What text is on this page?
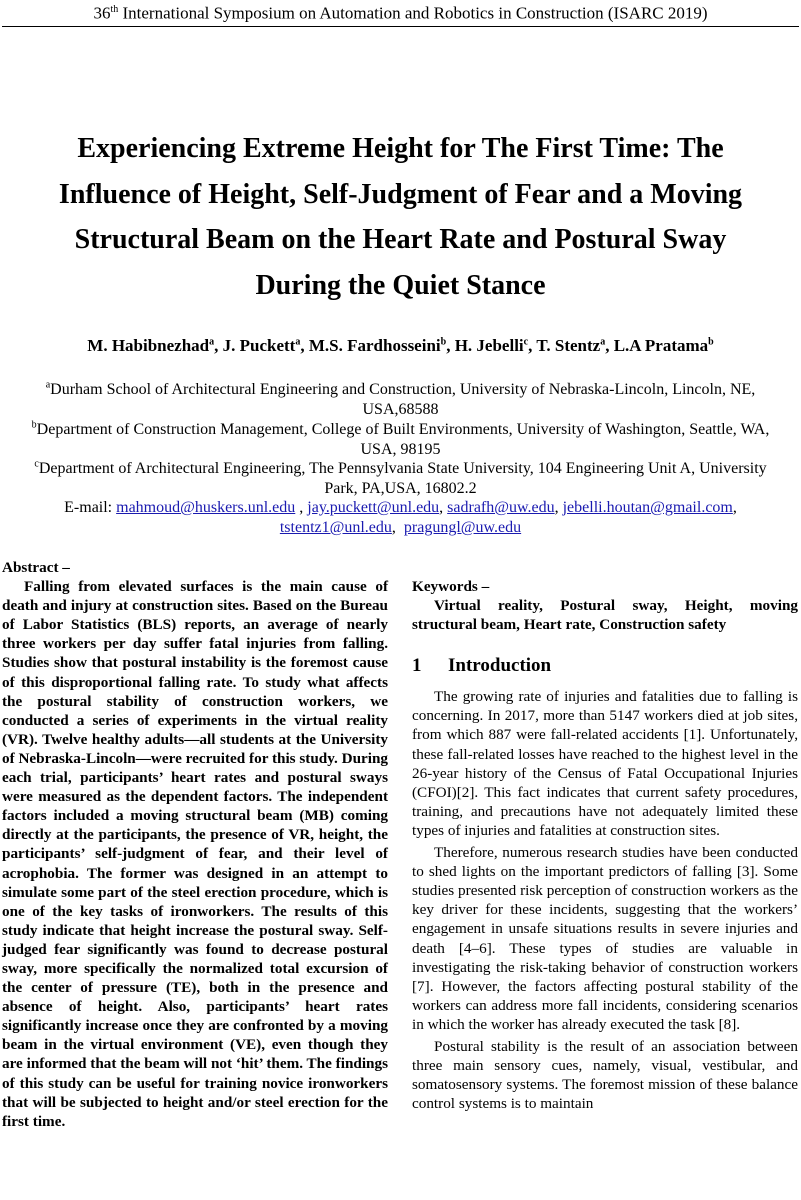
36th International Symposium on Automation and Robotics in Construction (ISARC 2019)
Experiencing Extreme Height for The First Time: The
Influence of Height, Self-Judgment of Fear and a Moving
Structural Beam on the Heart Rate and Postural Sway
During the Quiet Stance
M. Habibnezhad$^a$, J. Puckett$^a$, M.S. Fardhosseini$^b$, H. Jebelli$^c$, T. Stentz$^a$, L.A Pratama$^b$
$^a$Durham School of Architectural Engineering and Construction, University of Nebraska-Lincoln, Lincoln, NE,
USA,68588
$^b$Department of Construction Management, College of Built Environments, University of Washington, Seattle, WA,
USA, 98195
$^c$Department of Architectural Engineering, The Pennsylvania State University, 104 Engineering Unit A, University
Park, PA,USA, 16802.2
E-mail: mahmoud@huskers.unl.edu , jay.puckett@unl.edu, sadrafh@uw.edu, jebelli.houtan@gmail.com,
tstentz1@unl.edu,  pragungl@uw.edu

Abstract –

Falling from elevated surfaces is the main cause of death and injury at construction sites. Based on the Bureau of Labor Statistics (BLS) reports, an average of nearly three workers per day suffer fatal injuries from falling. Studies show that postural instability is the foremost cause of this disproportional falling rate. To study what affects the postural stability of construction workers, we conducted a series of experiments in the virtual reality (VR). Twelve healthy adults—all students at the University of Nebraska-Lincoln—were recruited for this study. During each trial, participants’ heart rates and postural sways were measured as the dependent factors. The independent factors included a moving structural beam (MB) coming directly at the participants, the presence of VR, height, the participants’ self-judgment of fear, and their level of acrophobia. The former was designed in an attempt to simulate some part of the steel erection procedure, which is one of the key tasks of ironworkers. The results of this study indicate that height increase the postural sway. Self-judged fear significantly was found to decrease postural sway, more specifically the normalized total excursion of the center of pressure (TE), both in the presence and absence of height. Also, participants’ heart rates significantly increase once they are confronted by a moving beam in the virtual environment (VE), even though they are informed that the beam will not ‘hit’ them. The findings of this study can be useful for training novice ironworkers that will be subjected to height and/or steel erection for the first time.

Keywords –

Virtual reality, Postural sway, Height, moving structural beam, Heart rate, Construction safety

1 Introduction

The growing rate of injuries and fatalities due to falling is concerning. In 2017, more than 5147 workers died at job sites, from which 887 were fall-related accidents [1]. Unfortunately, these fall-related losses have reached to the highest level in the 26-year history of the Census of Fatal Occupational Injuries (CFOI)[2]. This fact indicates that current safety procedures, training, and precautions have not adequately limited these types of injuries and fatalities at construction sites.

Therefore, numerous research studies have been conducted to shed lights on the important predictors of falling [3]. Some studies presented risk perception of construction workers as the key driver for these incidents, suggesting that the workers’ engagement in unsafe situations results in severe injuries and death [4–6]. These types of studies are valuable in investigating the risk-taking behavior of construction workers [7]. However, the factors affecting postural stability of the workers can address more fall incidents, considering scenarios in which the worker has already executed the task [8].

Postural stability is the result of an association between three main sensory cues, namely, visual, vestibular, and somatosensory systems. The foremost mission of these balance control systems is to maintain
